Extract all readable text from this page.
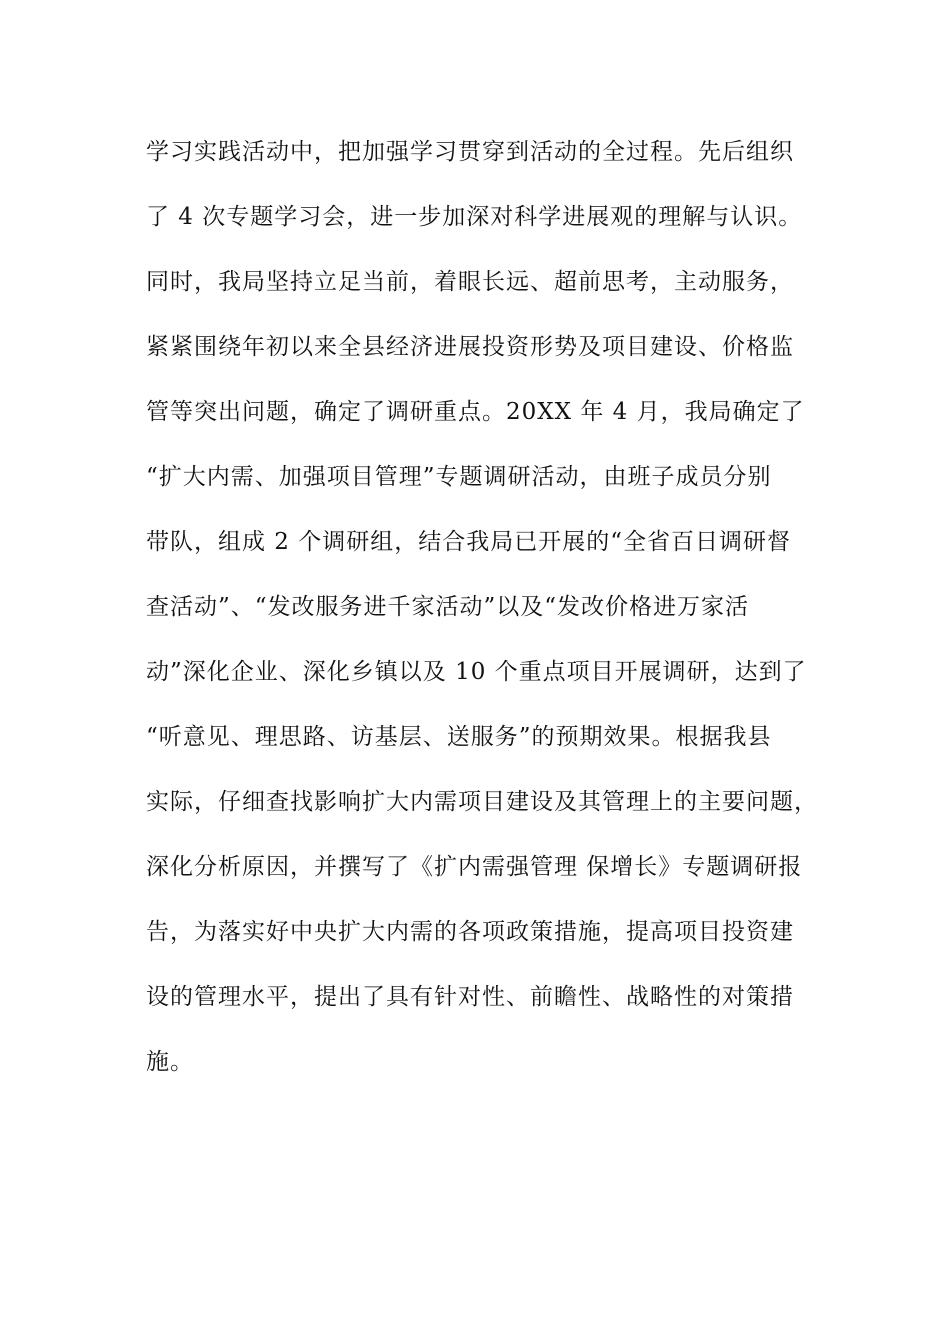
学习实践活动中，把加强学习贯穿到活动的全过程。先后组织
了 4 次专题学习会，进一步加深对科学进展观的理解与认识。
同时，我局坚持立足当前，着眼长远、超前思考，主动服务，
紧紧围绕年初以来全县经济进展投资形势及项目建设、价格监
管等突出问题，确定了调研重点。20XX 年 4 月，我局确定了
“扩大内需、加强项目管理”专题调研活动，由班子成员分别
带队，组成 2 个调研组，结合我局已开展的“全省百日调研督
查活动”、“发改服务进千家活动”以及“发改价格进万家活
动”深化企业、深化乡镇以及 10 个重点项目开展调研，达到了
“听意见、理思路、访基层、送服务”的预期效果。根据我县
实际，仔细查找影响扩大内需项目建设及其管理上的主要问题，
深化分析原因，并撰写了《扩内需强管理 保增长》专题调研报
告，为落实好中央扩大内需的各项政策措施，提高项目投资建
设的管理水平，提出了具有针对性、前瞻性、战略性的对策措
施。
